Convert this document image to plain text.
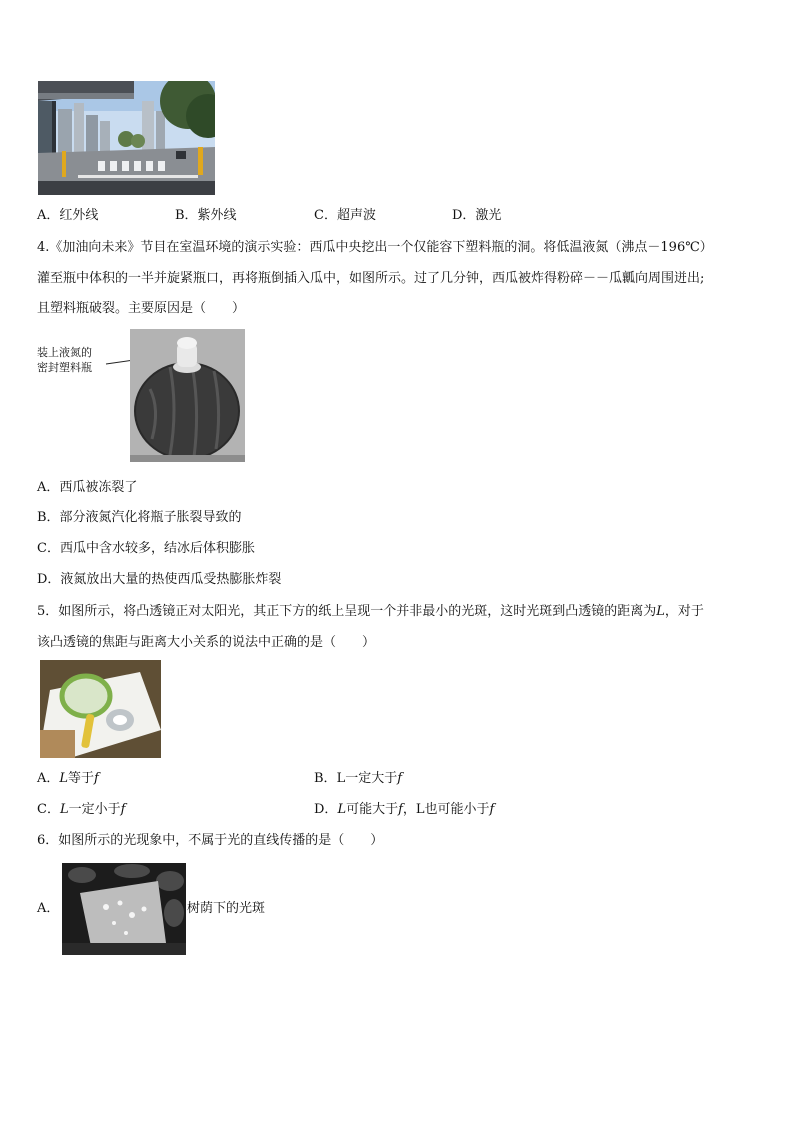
A．红外线	B．紫外线	C．超声波	D．激光
4.《加油向未来》节目在室温环境的演示实验：西瓜中央挖出一个仅能容下塑料瓶的洞。将低温液氮（沸点－196℃）
灌至瓶中体积的一半并旋紧瓶口，再将瓶倒插入瓜中，如图所示。过了几分钟，西瓜被炸得粉碎－－瓜瓤向周围迸出;
且塑料瓶破裂。主要原因是（　　）
装上液氮的
密封塑料瓶
A．西瓜被冻裂了
B．部分液氮汽化将瓶子胀裂导致的
C．西瓜中含水较多，结冰后体积膨胀
D．液氮放出大量的热使西瓜受热膨胀炸裂
5．如图所示，将凸透镜正对太阳光，其正下方的纸上呈现一个并非最小的光斑，这时光斑到凸透镜的距离为L，对于
该凸透镜的焦距与距离大小关系的说法中正确的是（　　）
A．L等于f	B．L一定大于f
C．L一定小于f	D．L可能大于f，L也可能小于f
6．如图所示的光现象中，不属于光的直线传播的是（　　）
A．	树荫下的光斑
